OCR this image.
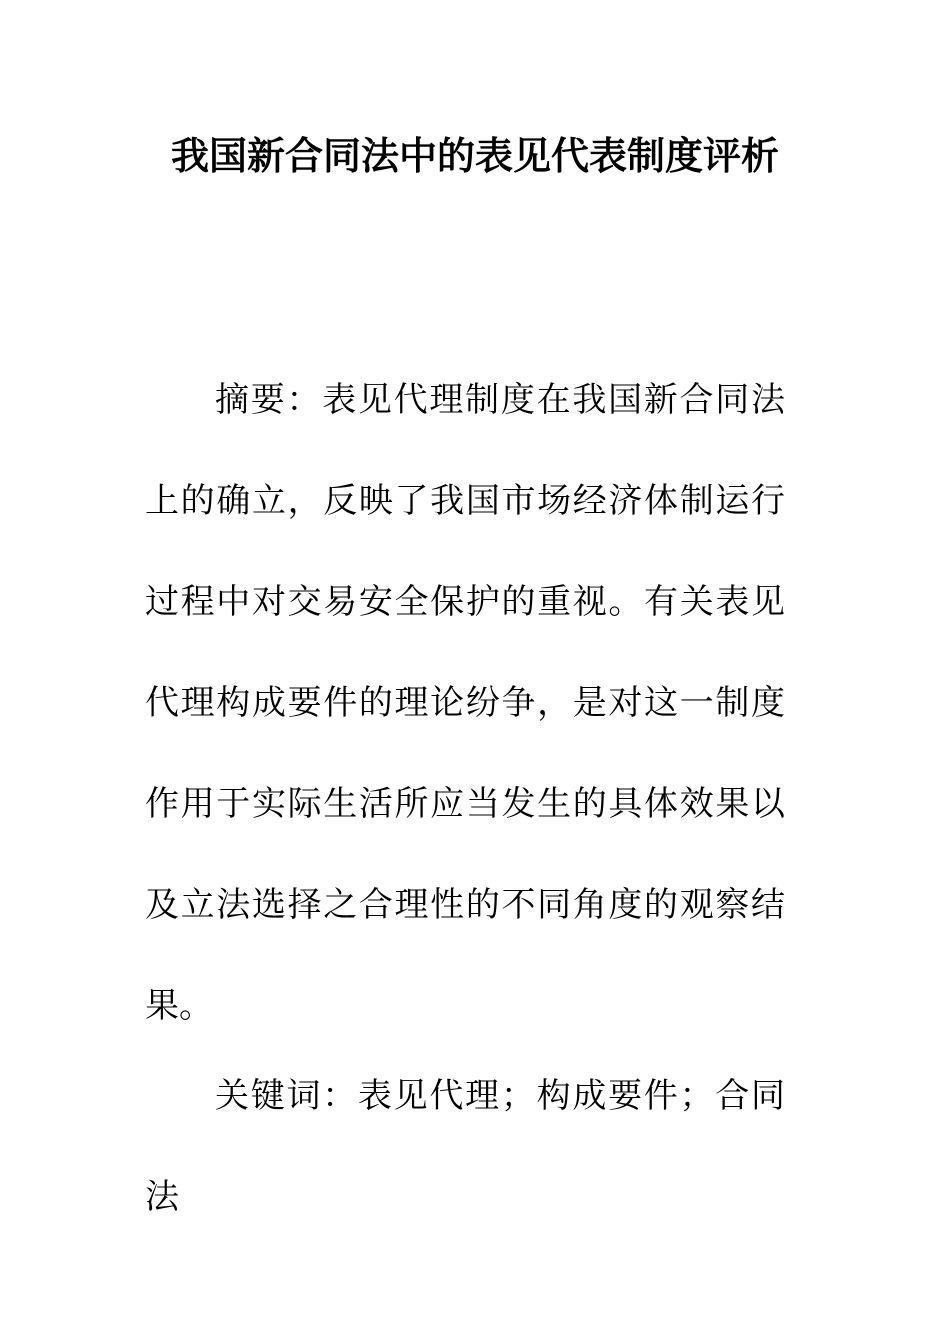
我国新合同法中的表见代表制度评析

摘要：表见代理制度在我国新合同法上的确立，反映了我国市场经济体制运行过程中对交易安全保护的重视。有关表见代理构成要件的理论纷争，是对这一制度作用于实际生活所应当发生的具体效果以及立法选择之合理性的不同角度的观察结果。

关键词：表见代理；构成要件；合同法
